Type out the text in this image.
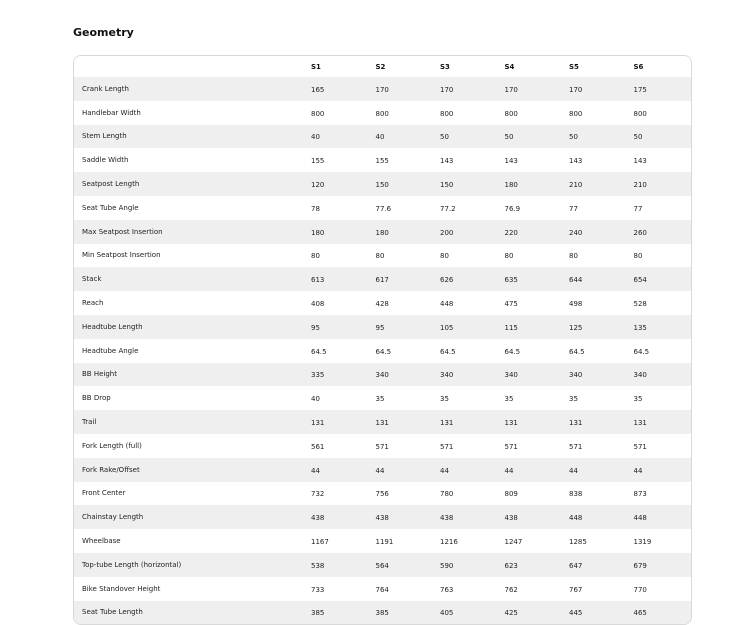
Geometry
	S1	S2	S3	S4	S5	S6
Crank Length	165	170	170	170	170	175
Handlebar Width	800	800	800	800	800	800
Stem Length	40	40	50	50	50	50
Saddle Width	155	155	143	143	143	143
Seatpost Length	120	150	150	180	210	210
Seat Tube Angle	78	77.6	77.2	76.9	77	77
Max Seatpost Insertion	180	180	200	220	240	260
Min Seatpost Insertion	80	80	80	80	80	80
Stack	613	617	626	635	644	654
Reach	408	428	448	475	498	528
Headtube Length	95	95	105	115	125	135
Headtube Angle	64.5	64.5	64.5	64.5	64.5	64.5
BB Height	335	340	340	340	340	340
BB Drop	40	35	35	35	35	35
Trail	131	131	131	131	131	131
Fork Length (full)	561	571	571	571	571	571
Fork Rake/Offset	44	44	44	44	44	44
Front Center	732	756	780	809	838	873
Chainstay Length	438	438	438	438	448	448
Wheelbase	1167	1191	1216	1247	1285	1319
Top-tube Length (horizontal)	538	564	590	623	647	679
Bike Standover Height	733	764	763	762	767	770
Seat Tube Length	385	385	405	425	445	465
